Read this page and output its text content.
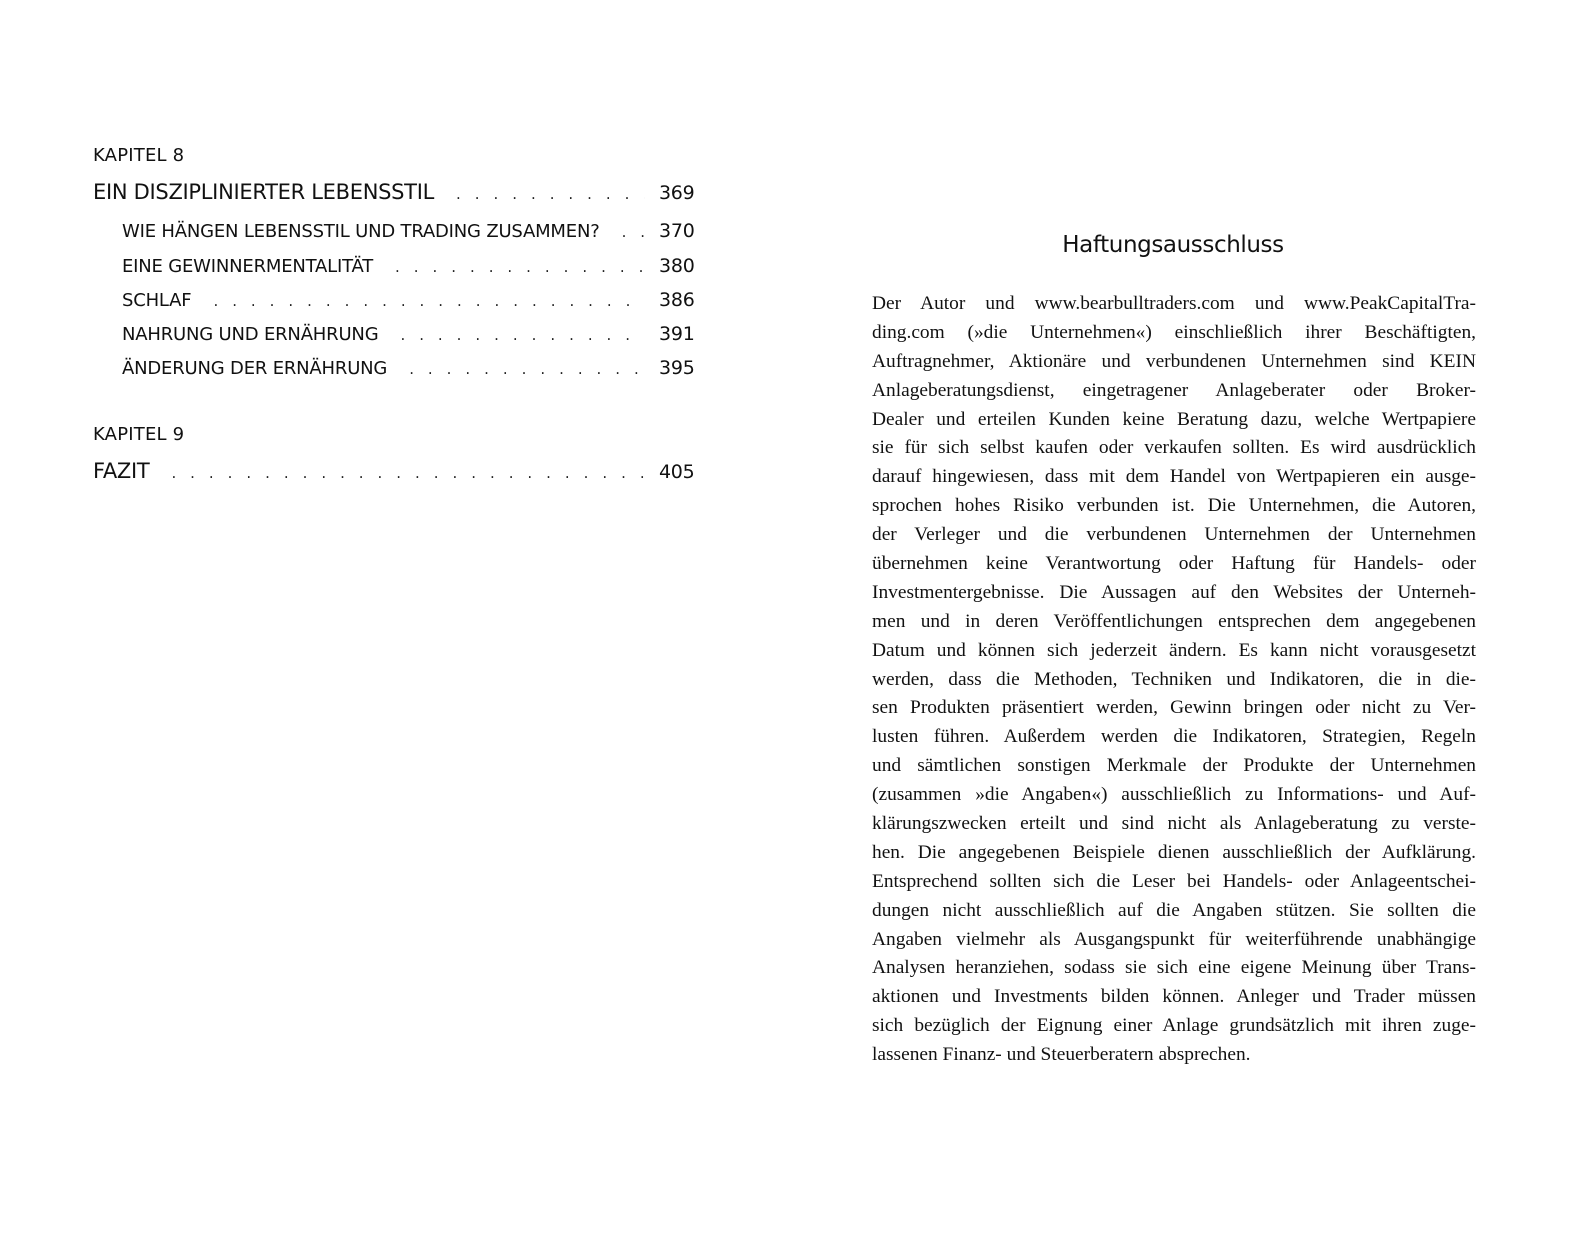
KAPITEL 8
EIN DISZIPLINIERTER LEBENSSTIL . . .	369
WIE HÄNGEN LEBENSSTIL UND TRADING ZUSAMMEN? . . .	370
EINE GEWINNERMENTALITÄT . . .	380
SCHLAF . . .	386
NAHRUNG UND ERNÄHRUNG . . .	391
ÄNDERUNG DER ERNÄHRUNG . . .	395
KAPITEL 9
FAZIT . . .	405
Haftungsausschluss
Der Autor und www.bearbulltraders.com und www.PeakCapitalTra-
ding.com (»die Unternehmen«) einschließlich ihrer Beschäftigten,
Auftragnehmer, Aktionäre und verbundenen Unternehmen sind KEIN
Anlageberatungsdienst, eingetragener Anlageberater oder Broker-
Dealer und erteilen Kunden keine Beratung dazu, welche Wertpapiere
sie für sich selbst kaufen oder verkaufen sollten. Es wird ausdrücklich
darauf hingewiesen, dass mit dem Handel von Wertpapieren ein ausge-
sprochen hohes Risiko verbunden ist. Die Unternehmen, die Autoren,
der Verleger und die verbundenen Unternehmen der Unternehmen
übernehmen keine Verantwortung oder Haftung für Handels- oder
Investmentergebnisse. Die Aussagen auf den Websites der Unterneh-
men und in deren Veröffentlichungen entsprechen dem angegebenen
Datum und können sich jederzeit ändern. Es kann nicht vorausgesetzt
werden, dass die Methoden, Techniken und Indikatoren, die in die-
sen Produkten präsentiert werden, Gewinn bringen oder nicht zu Ver-
lusten führen. Außerdem werden die Indikatoren, Strategien, Regeln
und sämtlichen sonstigen Merkmale der Produkte der Unternehmen
(zusammen »die Angaben«) ausschließlich zu Informations- und Auf-
klärungszwecken erteilt und sind nicht als Anlageberatung zu verste-
hen. Die angegebenen Beispiele dienen ausschließlich der Aufklärung.
Entsprechend sollten sich die Leser bei Handels- oder Anlageentschei-
dungen nicht ausschließlich auf die Angaben stützen. Sie sollten die
Angaben vielmehr als Ausgangspunkt für weiterführende unabhängige
Analysen heranziehen, sodass sie sich eine eigene Meinung über Trans-
aktionen und Investments bilden können. Anleger und Trader müssen
sich bezüglich der Eignung einer Anlage grundsätzlich mit ihren zuge-
lassenen Finanz- und Steuerberatern absprechen.
